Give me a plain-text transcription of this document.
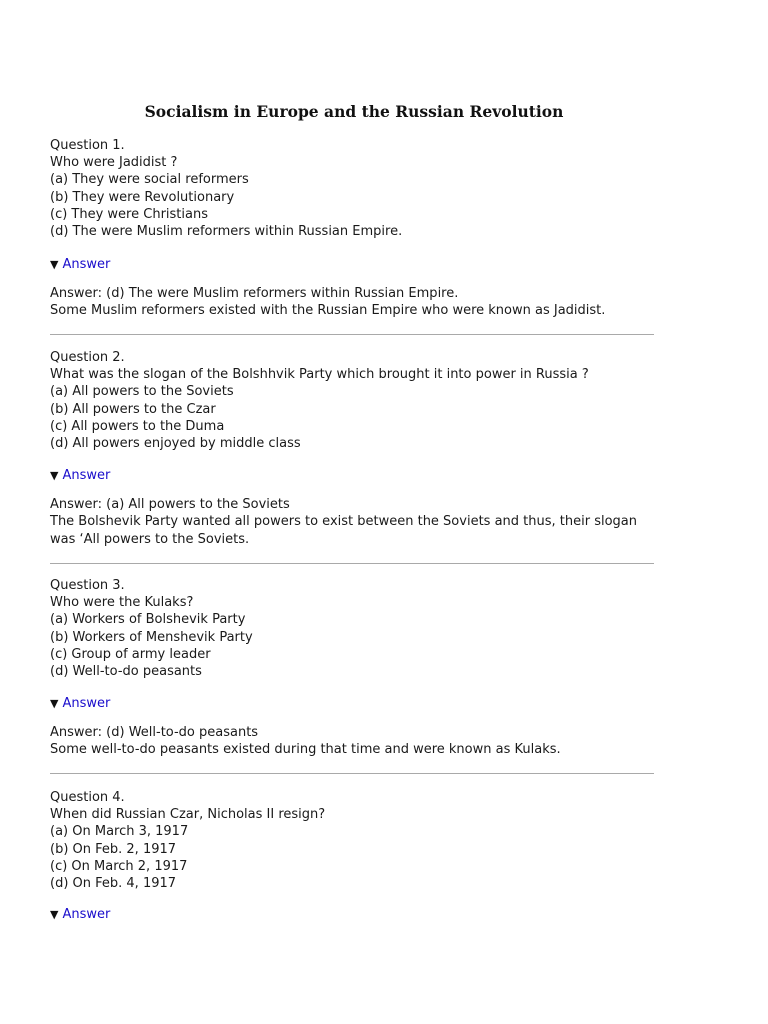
Socialism in Europe and the Russian Revolution
Question 1.
Who were Jadidist ?
(a) They were social reformers
(b) They were Revolutionary
(c) They were Christians
(d) The were Muslim reformers within Russian Empire.
▼ Answer
Answer: (d) The were Muslim reformers within Russian Empire.
Some Muslim reformers existed with the Russian Empire who were known as Jadidist.
Question 2.
What was the slogan of the Bolshhvik Party which brought it into power in Russia ?
(a) All powers to the Soviets
(b) All powers to the Czar
(c) All powers to the Duma
(d) All powers enjoyed by middle class
▼ Answer
Answer: (a) All powers to the Soviets
The Bolshevik Party wanted all powers to exist between the Soviets and thus, their slogan was ‘All powers to the Soviets.
Question 3.
Who were the Kulaks?
(a) Workers of Bolshevik Party
(b) Workers of Menshevik Party
(c) Group of army leader
(d) Well-to-do peasants
▼ Answer
Answer: (d) Well-to-do peasants
Some well-to-do peasants existed during that time and were known as Kulaks.
Question 4.
When did Russian Czar, Nicholas II resign?
(a) On March 3, 1917
(b) On Feb. 2, 1917
(c) On March 2, 1917
(d) On Feb. 4, 1917
▼ Answer
